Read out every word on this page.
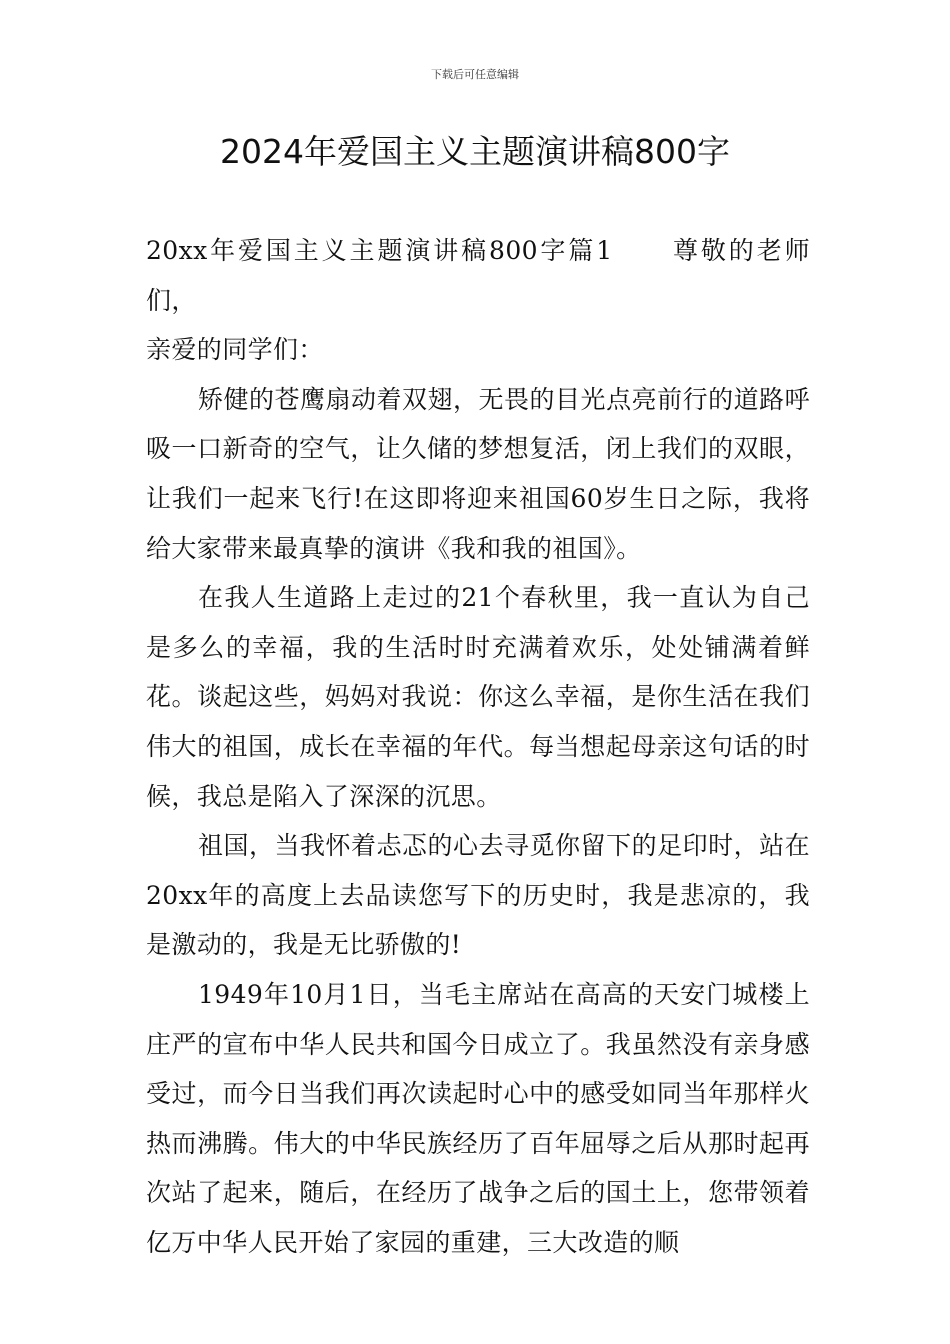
下载后可任意编辑
2024年爱国主义主题演讲稿800字

20xx年爱国主义主题演讲稿800字篇1 尊敬的老师们，

亲爱的同学们：

矫健的苍鹰扇动着双翅，无畏的目光点亮前行的道路呼吸一口新奇的空气，让久储的梦想复活，闭上我们的双眼，让我们一起来飞行!在这即将迎来祖国60岁生日之际，我将给大家带来最真挚的演讲《我和我的祖国》。

在我人生道路上走过的21个春秋里，我一直认为自己是多么的幸福，我的生活时时充满着欢乐，处处铺满着鲜花。谈起这些，妈妈对我说：你这么幸福，是你生活在我们伟大的祖国，成长在幸福的年代。每当想起母亲这句话的时候，我总是陷入了深深的沉思。

祖国，当我怀着忐忑的心去寻觅你留下的足印时，站在20xx年的高度上去品读您写下的历史时，我是悲凉的，我是激动的，我是无比骄傲的!

1949年10月1日，当毛主席站在高高的天安门城楼上庄严的宣布中华人民共和国今日成立了。我虽然没有亲身感受过，而今日当我们再次读起时心中的感受如同当年那样火热而沸腾。伟大的中华民族经历了百年屈辱之后从那时起再次站了起来，随后，在经历了战争之后的国土上，您带领着亿万中华人民开始了家园的重建，三大改造的顺
